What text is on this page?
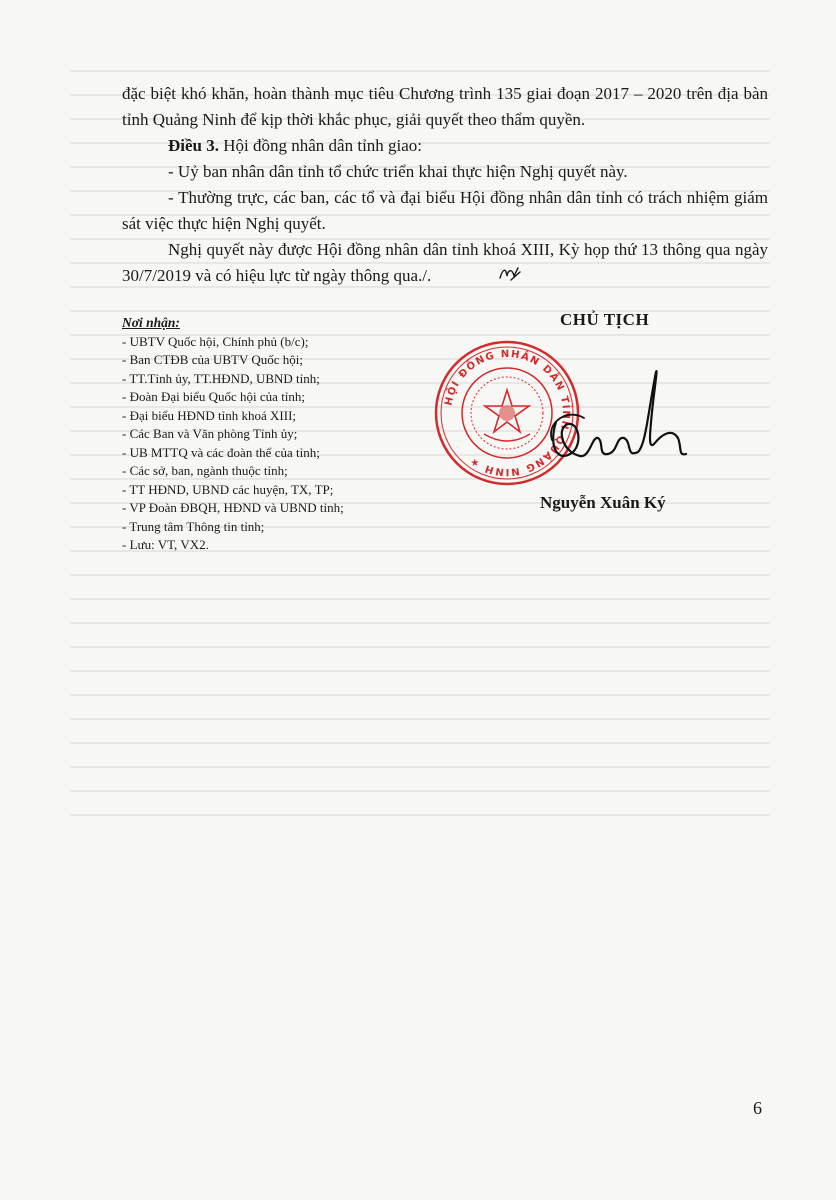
đặc biệt khó khăn, hoàn thành mục tiêu Chương trình 135 giai đoạn 2017 – 2020 trên địa bàn tỉnh Quảng Ninh để kịp thời khắc phục, giải quyết theo thẩm quyền.

Điều 3. Hội đồng nhân dân tỉnh giao:

- Uỷ ban nhân dân tỉnh tổ chức triển khai thực hiện Nghị quyết này.

- Thường trực, các ban, các tổ và đại biểu Hội đồng nhân dân tỉnh có trách nhiệm giám sát việc thực hiện Nghị quyết.

Nghị quyết này được Hội đồng nhân dân tỉnh khoá XIII, Kỳ họp thứ 13 thông qua ngày 30/7/2019 và có hiệu lực từ ngày thông qua./.

Nơi nhận:

- UBTV Quốc hội, Chính phủ (b/c);

- Ban CTĐB của UBTV Quốc hội;

- TT.Tỉnh ủy, TT.HĐND, UBND tỉnh;

- Đoàn Đại biểu Quốc hội của tỉnh;

- Đại biểu HĐND tỉnh khoá XIII;

- Các Ban và Văn phòng Tỉnh ủy;

- UB MTTQ và các đoàn thể của tỉnh;

- Các sở, ban, ngành thuộc tỉnh;

- TT HĐND, UBND các huyện, TX, TP;

- VP Đoàn ĐBQH, HĐND và UBND tỉnh;

- Trung tâm Thông tin tỉnh;

- Lưu: VT, VX2.

CHỦ TỊCH
HỘI ĐỒNG NHÂN DÂN TỈNH QUẢNG NINH ★
Nguyễn Xuân Ký
6
